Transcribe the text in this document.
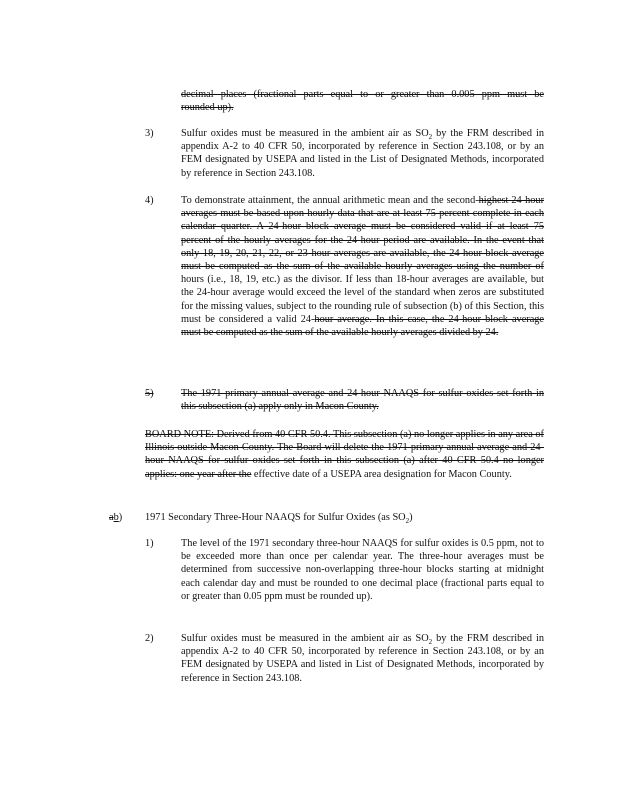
decimal places (fractional parts equal to or greater than 0.005 ppm must be
rounded up).
3)	Sulfur oxides must be measured in the ambient air as $SO_2$ by the FRM described in appendix A-2 to 40 CFR 50, incorporated by reference in Section 243.108, or by an FEM designated by USEPA and listed in the List of Designated Methods, incorporated by reference in Section 243.108.
4)	To demonstrate attainment, the annual arithmetic mean and the second-highest 24-hour averages must be based upon hourly data that are at least 75 percent complete in each calendar quarter. A 24-hour block average must be considered valid if at least 75 percent of the hourly averages for the 24-hour period are available. In the event that only 18, 19, 20, 21, 22, or 23 hour averages are available, the 24-hour block average must be computed as the sum of the available hourly averages using the number of hours (i.e., 18, 19, etc.) as the divisor. If less than 18-hour averages are available, but the 24-hour average would exceed the level of the standard when zeros are substituted for the missing values, subject to the rounding rule of subsection (b) of this Section, this must be considered a valid 24-hour average. In this case, the 24-hour block average must be computed as the sum of the available hourly averages divided by 24.
5)	The 1971 primary annual average and 24-hour NAAQS for sulfur oxides set forth in this subsection (a) apply only in Macon County.
BOARD NOTE: Derived from 40 CFR 50.4. This subsection (a) no longer applies in any area of Illinois outside Macon County. The Board will delete the 1971 primary annual average and 24-hour NAAQS for sulfur oxides set forth in this subsection (a) after 40 CFR 50.4 no longer applies: one year after the effective date of a USEPA area designation for Macon County.
ab) 1971 Secondary Three-Hour NAAQS for Sulfur Oxides (as $SO_2$)
1)	The level of the 1971 secondary three-hour NAAQS for sulfur oxides is 0.5 ppm, not to be exceeded more than once per calendar year. The three-hour averages must be determined from successive non-overlapping three-hour blocks starting at midnight each calendar day and must be rounded to one decimal place (fractional parts equal to or greater than 0.05 ppm must be rounded up).
2)	Sulfur oxides must be measured in the ambient air as $SO_2$ by the FRM described in appendix A-2 to 40 CFR 50, incorporated by reference in Section 243.108, or by an FEM designated by USEPA and listed in List of Designated Methods, incorporated by reference in Section 243.108.
